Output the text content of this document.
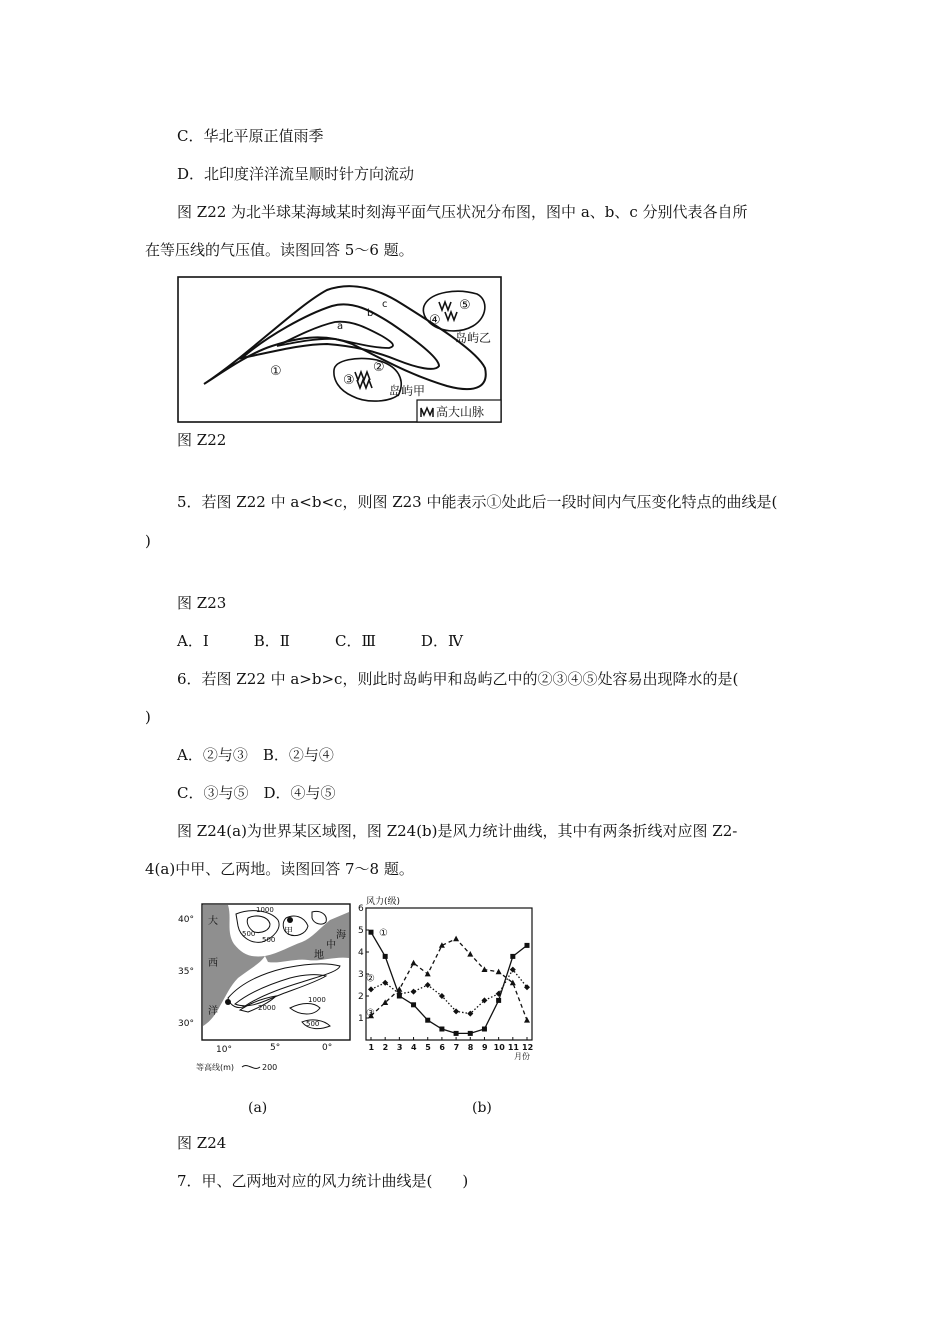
C．华北平原正值雨季
D．北印度洋洋流呈顺时针方向流动
图 Z22 为北半球某海域某时刻海平面气压状况分布图，图中 a、b、c 分别代表各自所
在等压线的气压值。读图回答 5～6 题。
c
b
a
①	②
③
岛屿甲
⑤
④
岛屿乙
高大山脉
图 Z22
5．若图 Z22 中 a<b<c，则图 Z23 中能表示①处此后一段时间内气压变化特点的曲线是(
)
图 Z23
A．Ⅰ　　　B．Ⅱ　　　C．Ⅲ　　　D．Ⅳ
6．若图 Z22 中 a>b>c，则此时岛屿甲和岛屿乙中的②③④⑤处容易出现降水的是(
)
A．②与③　B．②与④
C．③与⑤　D．④与⑤
图 Z24(a)为世界某区域图，图 Z24(b)是风力统计曲线，其中有两条折线对应图 Z2-
4(a)中甲、乙两地。读图回答 7～8 题。
甲
大
西
洋
海
中
地
1000
500
500
1000
2000
500
40°
35°
30°
10°	5°	0°
等高线(m)	200
风力(级)
月份
1
2
3
4
5
6
1 2 3 4 5 6 7 8 9 10 11 12
①
②
③
(a)	(b)
图 Z24
7．甲、乙两地对应的风力统计曲线是(　　)
